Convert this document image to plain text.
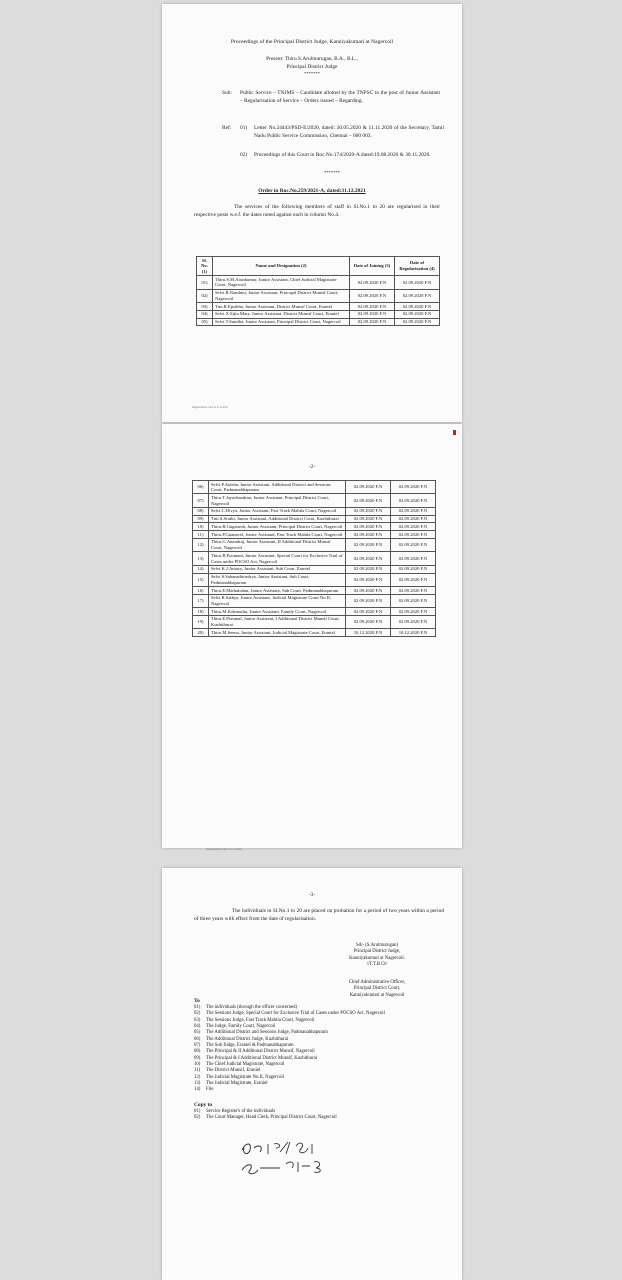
Proceedings of the Principal District Judge, Kanniyakumari at Nagercoil
Present: Thiru.S.Arulmurugan, B.A., B.L.,
Principal District Judge
*******
Sub:	Public Service – TNJMS – Candidate allotted by the TNPSC to the post of Junior Assistant – Regularisation of Service – Orders issued – Regarding.
Ref:	01)	Letter No.24443/PSD-E/2020, dated: 30.05.2020 & 11.11.2020 of the Secretary, Tamil Nadu Public Service Commission, Chennai – 600 003.
02)	Proceedings of this Court in Roc.No.174/2020-A dated:19.08.2020 & 30.11.2020.
*******
Order in Roc.No.259/2021-A, dated:31.12.2021
The services of the following members of staff in Sl.No.1 to 20 are regularised in their respective posts w.e.f. the dates noted against each in column No.4.
Sl. No. (1)	Name and Designation (2)	Date of Joining (3)	Date of Regularisation (4)
01)	Thiru.S.M.Arunkumar, Junior Assistant, Chief Judicial Magistrate Court, Nagercoil	02.09.2020 F.N	02.09.2020 F.N
02)	Selvi.R.Nanthini, Junior Assistant, Principal District Munsif Court, Nagercoil	02.09.2020 F.N	02.09.2020 F.N
03)	Tmt.R.Epsibha, Junior Assistant, District Munsif Court, Eraniel	02.09.2020 F.N	02.09.2020 F.N
04)	Selvi.X.Sijin Mary, Junior Assistant, District Munsif Court, Eraniel	02.09.2020 F.N	02.09.2020 F.N
05)	Selvi.T.Sunitha, Junior Assistant, Principal District Court, Nagercoil	02.09.2020 F.N	02.09.2020 F.N
Regularisation order dt 31.12.2021
-2-
06)	Selvi.P.Anisha, Junior Assistant, Additional District and Sessions Court, Padmanabhapuram	02.09.2020 F.N	02.09.2020 F.N
07)	Thiru.T.Jayachandran, Junior Assistant, Principal District Court, Nagercoil	02.09.2020 F.N	02.09.2020 F.N
08)	Selvi.C.Divya, Junior Assistant, Fast Track Mahila Court, Nagercoil	02.09.2020 F.N	02.09.2020 F.N
09)	Tmt.S.Sruthi, Junior Assistant, Additional District Court, Kuzhithurai	02.09.2020 F.N	02.09.2020 F.N
10)	Thiru.R.Guganesh, Junior Assistant, Principal District Court, Nagercoil	02.09.2020 F.N	02.09.2020 F.N
11)	Thiru.P.Gnanavel, Junior Assistant, Fast Track Mahila Court, Nagercoil	02.09.2020 F.N	02.09.2020 F.N
12)	Thiru.G.Anandraj, Junior Assistant, II Additional District Munsif Court, Nagercoil	02.09.2020 F.N	02.09.2020 F.N
13)	Thiru.B.Poomani, Junior Assistant, Special Court for Exclusive Trial of Cases under POCSO Act, Nagercoil	02.09.2020 F.N	02.09.2020 F.N
14)	Selvi.K.J.Ansary, Junior Assistant, Sub Court, Eraniel	02.09.2020 F.N	02.09.2020 F.N
15)	Selvi.S.Sahanathirushya, Junior Assistant, Sub Court, Padmanabhapuram	02.09.2020 F.N	02.09.2020 F.N
16)	Thiru.E.Mathubalan, Junior Assistant, Sub Court, Padmanabhapuram	02.09.2020 F.N	02.09.2020 F.N
17)	Selvi.R.Sathya, Junior Assistant, Judicial Magistrate Court No.II, Nagercoil	02.09.2020 F.N	02.09.2020 F.N
18)	Thiru.M.Kalimuthu, Junior Assistant, Family Court, Nagercoil	02.09.2020 F.N	02.09.2020 F.N
19)	Thiru.E.Perumal, Junior Assistant, I Additional District Munsif Court, Kuzhithurai	02.09.2020 F.N	02.09.2020 F.N
20)	Thiru.M.Seenu, Junior Assistant, Judicial Magistrate Court, Eraniel	10.12.2020 F.N	10.12.2020 F.N
Regularisation order dt 31.12.2021
-3-
The individuals in Sl.No.1 to 20 are placed on probation for a period of two years within a period of three years with effect from the date of regularisation.
Sd/- (S.Arulmurugan)
Principal District Judge,
Kanniyakumari at Nagercoil.
//T.T.B.O//
Chief Administrative Officer,
Principal District Court,
Kanniyakumari at Nagercoil
To
01)	The individuals (through the officer concerned)
02)	The Sessions Judge, Special Court for Exclusive Trial of Cases under POCSO Act, Nagercoil
03)	The Sessions Judge, Fast Track Mahila Court, Nagercoil
04)	The Judge, Family Court, Nagercoil
05)	The Additional District and Sessions Judge, Padmanabhapuram
06)	The Additional District Judge, Kuzhithurai
07)	The Sub Judge, Eraniel & Padmanabhapuram
08)	The Principal & II Additional District Munsif, Nagercoil
09)	The Principal & I Additional District Munsif, Kuzhithurai
10)	The Chief Judicial Magistrate, Nagercoil
11)	The District Munsif, Eraniel
12)	The Judicial Magistrate No.II, Nagercoil
13)	The Judicial Magistrate, Eraniel
14)	File
Copy to
01)	Service Register's of the individuals
02)	The Court Manager, Head Clerk, Principal District Court, Nagercoil
